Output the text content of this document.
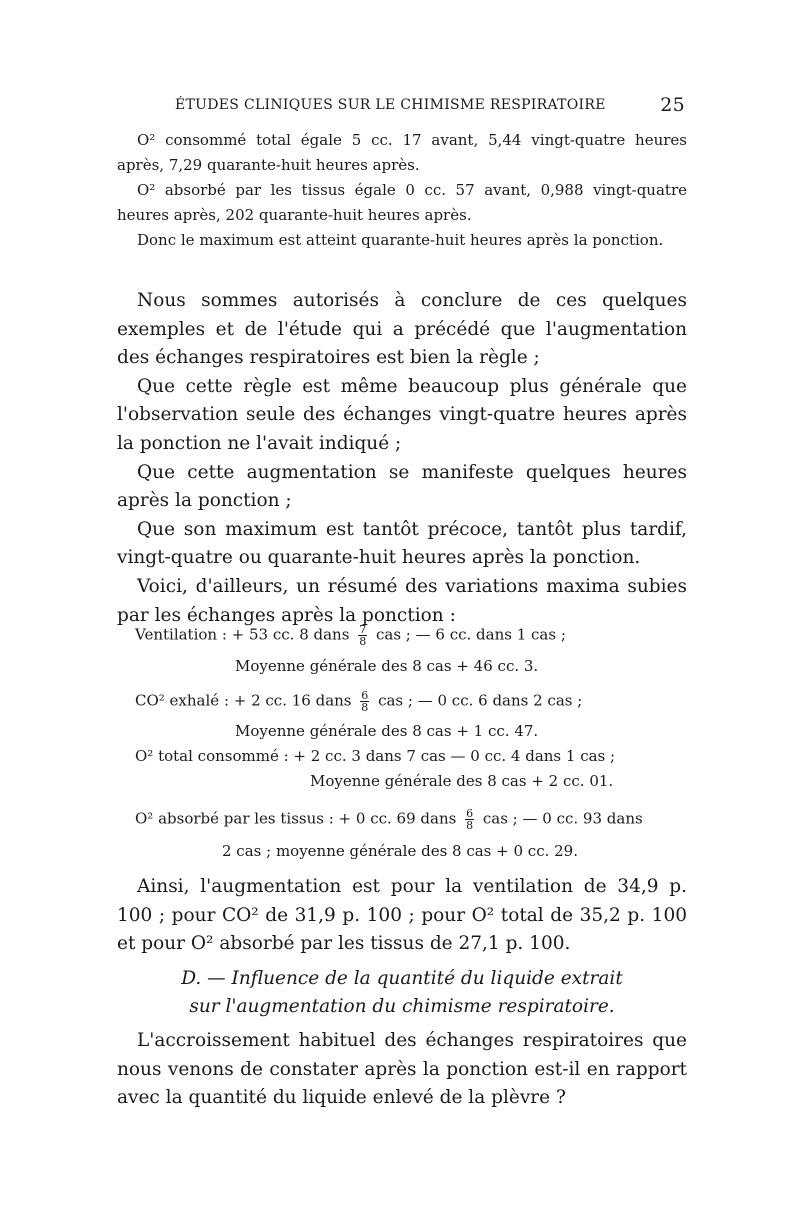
ÉTUDES CLINIQUES SUR LE CHIMISME RESPIRATOIRE	25

O² consommé total égale 5 cc. 17 avant, 5,44 vingt-quatre heures après, 7,29 quarante-huit heures après.

O² absorbé par les tissus égale 0 cc. 57 avant, 0,988 vingt-quatre heures après, 202 quarante-huit heures après.

Donc le maximum est atteint quarante-huit heures après la ponction.

Nous sommes autorisés à conclure de ces quelques exemples et de l'étude qui a précédé que l'augmentation des échanges respiratoires est bien la règle ;

Que cette règle est même beaucoup plus générale que l'observation seule des échanges vingt-quatre heures après la ponction ne l'avait indiqué ;

Que cette augmentation se manifeste quelques heures après la ponction ;

Que son maximum est tantôt précoce, tantôt plus tardif, vingt-quatre ou quarante-huit heures après la ponction.

Voici, d'ailleurs, un résumé des variations maxima subies par les échanges après la ponction :

Ventilation : + 53 cc. 8 dans $\frac{7}{8}$ cas ; — 6 cc. dans 1 cas ;
Moyenne générale des 8 cas + 46 cc. 3.
CO² exhalé : + 2 cc. 16 dans $\frac{6}{8}$ cas ; — 0 cc. 6 dans 2 cas ;
Moyenne générale des 8 cas + 1 cc. 47.
O² total consommé : + 2 cc. 3 dans 7 cas — 0 cc. 4 dans 1 cas ;
Moyenne générale des 8 cas + 2 cc. 01.
O² absorbé par les tissus : + 0 cc. 69 dans $\frac{6}{8}$ cas ; — 0 cc. 93 dans
2 cas ; moyenne générale des 8 cas + 0 cc. 29.

Ainsi, l'augmentation est pour la ventilation de 34,9 p. 100 ; pour CO² de 31,9 p. 100 ; pour O² total de 35,2 p. 100 et pour O² absorbé par les tissus de 27,1 p. 100.

D. — Influence de la quantité du liquide extrait
sur l'augmentation du chimisme respiratoire.

L'accroissement habituel des échanges respiratoires que nous venons de constater après la ponction est-il en rapport avec la quantité du liquide enlevé de la plèvre ?
